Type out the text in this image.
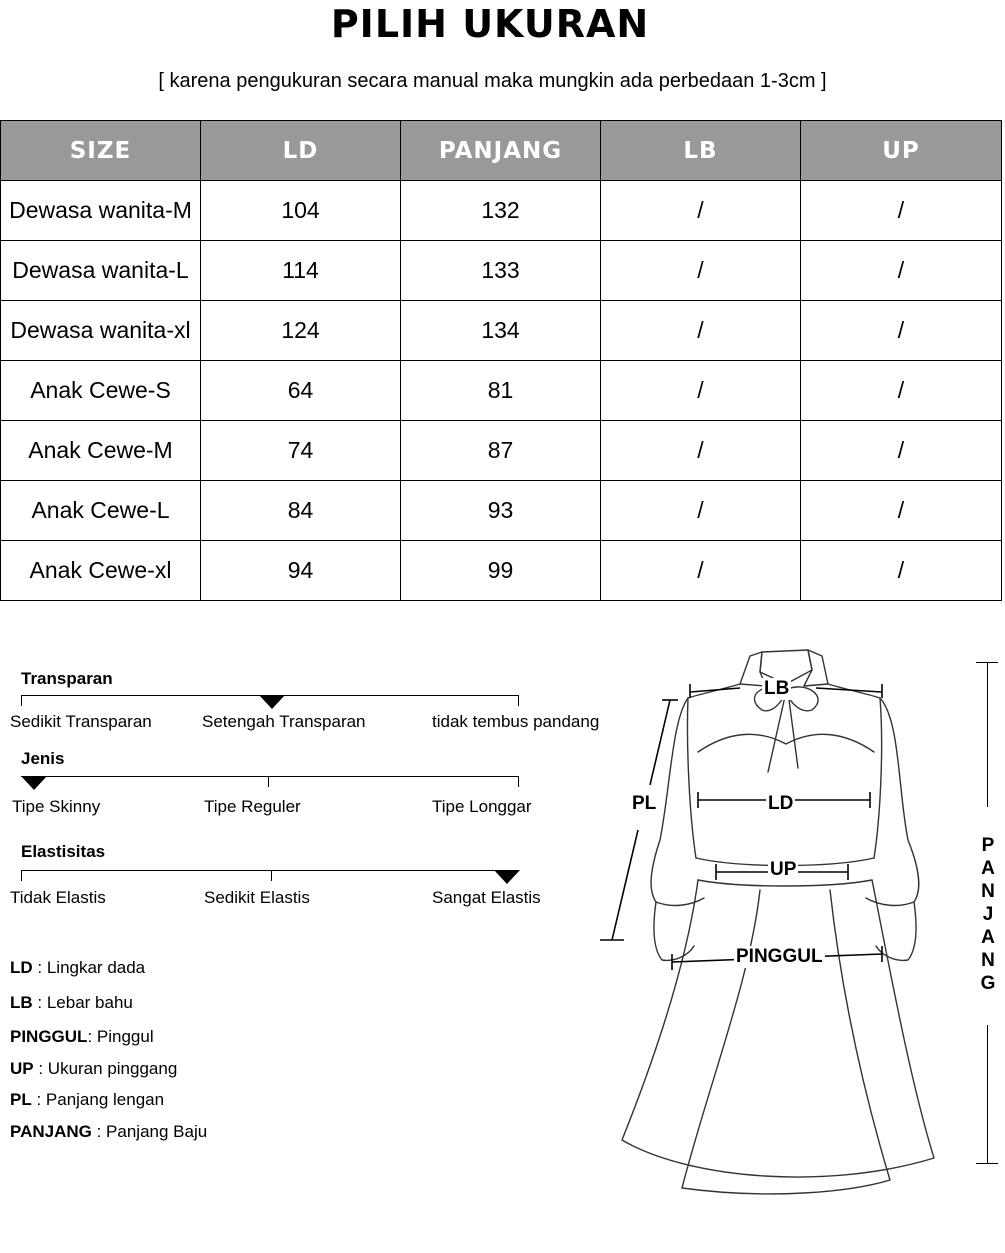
PILIH UKURAN
[ karena pengukuran secara manual maka mungkin ada perbedaan 1-3cm ]
SIZE	LD	PANJANG	LB	UP
Dewasa wanita-M	104	132	/	/
Dewasa wanita-L	114	133	/	/
Dewasa wanita-xl	124	134	/	/
Anak Cewe-S	64	81	/	/
Anak Cewe-M	74	87	/	/
Anak Cewe-L	84	93	/	/
Anak Cewe-xl	94	99	/	/
Transparan
Sedikit Transparan	Setengah Transparan	tidak tembus pandang
Jenis
Tipe Skinny	Tipe Reguler	Tipe Longgar
Elastisitas
Tidak Elastis	Sedikit Elastis	Sangat Elastis
LD : Lingkar dada
LB : Lebar bahu
PINGGUL: Pinggul
UP : Ukuran pinggang
PL : Panjang lengan
PANJANG : Panjang Baju
LB
LD
UP
PINGGUL
PL
P
A
N
J
A
N
G
